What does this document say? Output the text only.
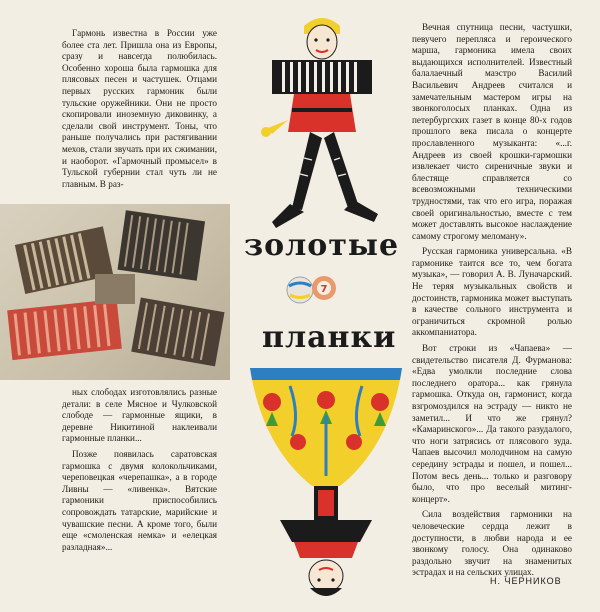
Гармонь известна в России уже более ста лет. Пришла она из Европы, сразу и навсегда полюбилась. Особенно хороша была гармошка для плясовых песен и частушек. Отцами первых русских гармоник были тульские оружейники. Они не просто скопировали иноземную диковинку, а сделали свой инструмент. Тоны, что раньше получались при растягивании мехов, стали звучать при их сжимании, и наоборот. «Гармочный промысел» в Тульской губернии стал чуть ли не главным. В раз-

ных слободах изготовлялись разные детали: в селе Мясное и Чулковской слободе — гармонные ящики, в деревне Никитиной наклеивали гармонные планки...

Позже появилась саратовская гармошка с двумя колокольчиками, череповецкая «черепашка», а в городе Ливны — «ливенка». Вятские гармоники приспособились сопровождать татарские, марийские и чувашские песни. А кроме того, были еще «смоленская немка» и «елецкая разладная»...

золотые
7
планки

Вечная спутница песни, частушки, певучего переплясa и героического марша, гармоника имела своих выдающихся исполнителей. Известный балалаечный маэстро Василий Васильевич Андреев считался и замечательным мастером игры на звонкоголосых планках. Одна из петербургских газет в конце 80-х годов прошлого века писала о концерте прославленного музыканта: «...г. Андреев из своей крошки-гармошки извлекает чисто сиреничные звуки и блестяще справляется со всевозможными техническими трудностями, так что его игра, поражая своей оригинальностью, вместе с тем может доставлять высокое наслаждение самому строгому меломану».

Русская гармоника универсальна. «В гармонике таится все то, чем богата музыка», — говорил А. В. Луначарский. Не теряя музыкальных свойств и достоинств, гармоника может выступать в качестве сольного инструмента и ограничиться скромной ролью аккомпаниатора.

Вот строки из «Чапаева» — свидетельство писателя Д. Фурманова: «Едва умолкли последние слова последнего оратора... как грянула гармошка. Откуда он, гармонист, когда взгромоздился на эстраду — никто не заметил... И что же грянул? «Камаринского»... Да такого разудалого, что ноги затрясись от плясового зуда. Чапаев высочил молодчином на самую середину эстрады и пошел, и пошел... Потом весь день... только и разговору было, что про веселый митинг-концерт».

Сила воздействия гармоники на человеческие сердца лежит в доступности, в любви народа и ее звонкому голосу. Она одинаково раздольно звучит на знаменитых эстрадах и на сельских улицах.

Н. ЧЕРНИКОВ
